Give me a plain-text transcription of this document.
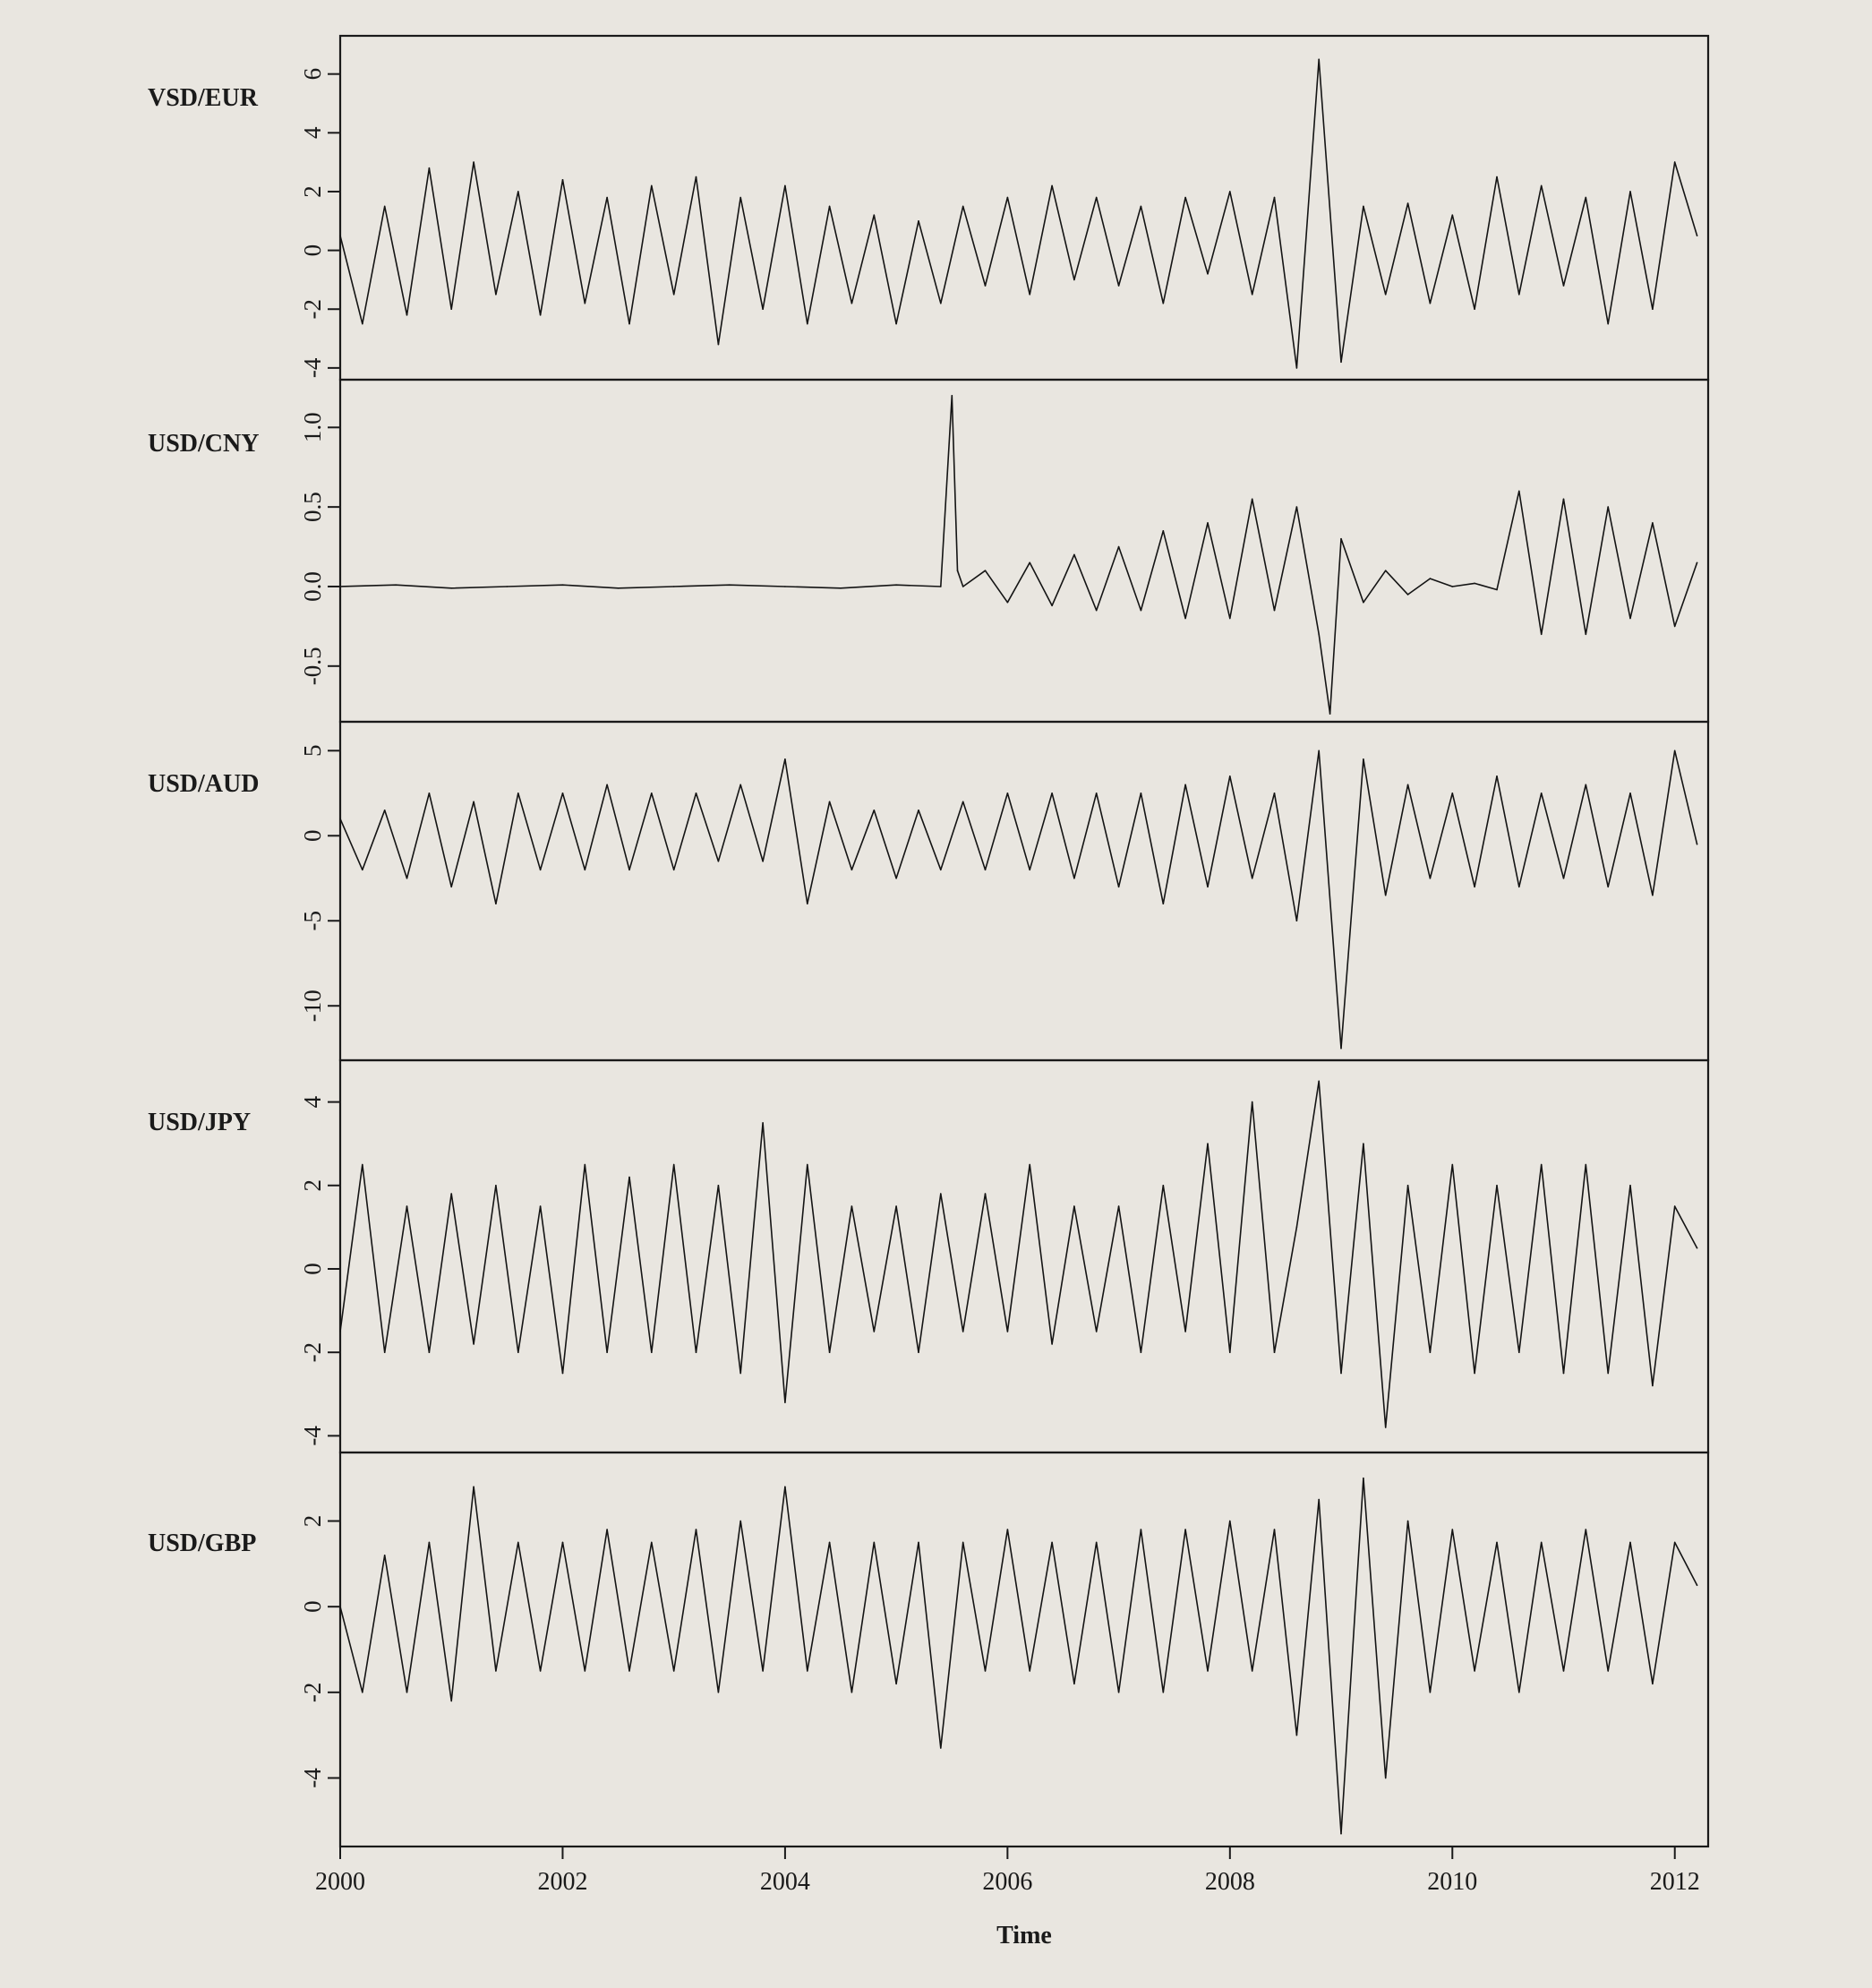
-4
-2
0
2
4
6
VSD/EUR
-0.5
0.0
0.5
1.0
USD/CNY
-10
-5
0
5
USD/AUD
-4
-2
0
2
4
USD/JPY
-4
-2
0
2
USD/GBP
2000	2002	2004	2006	2008	2010	2012
Time
